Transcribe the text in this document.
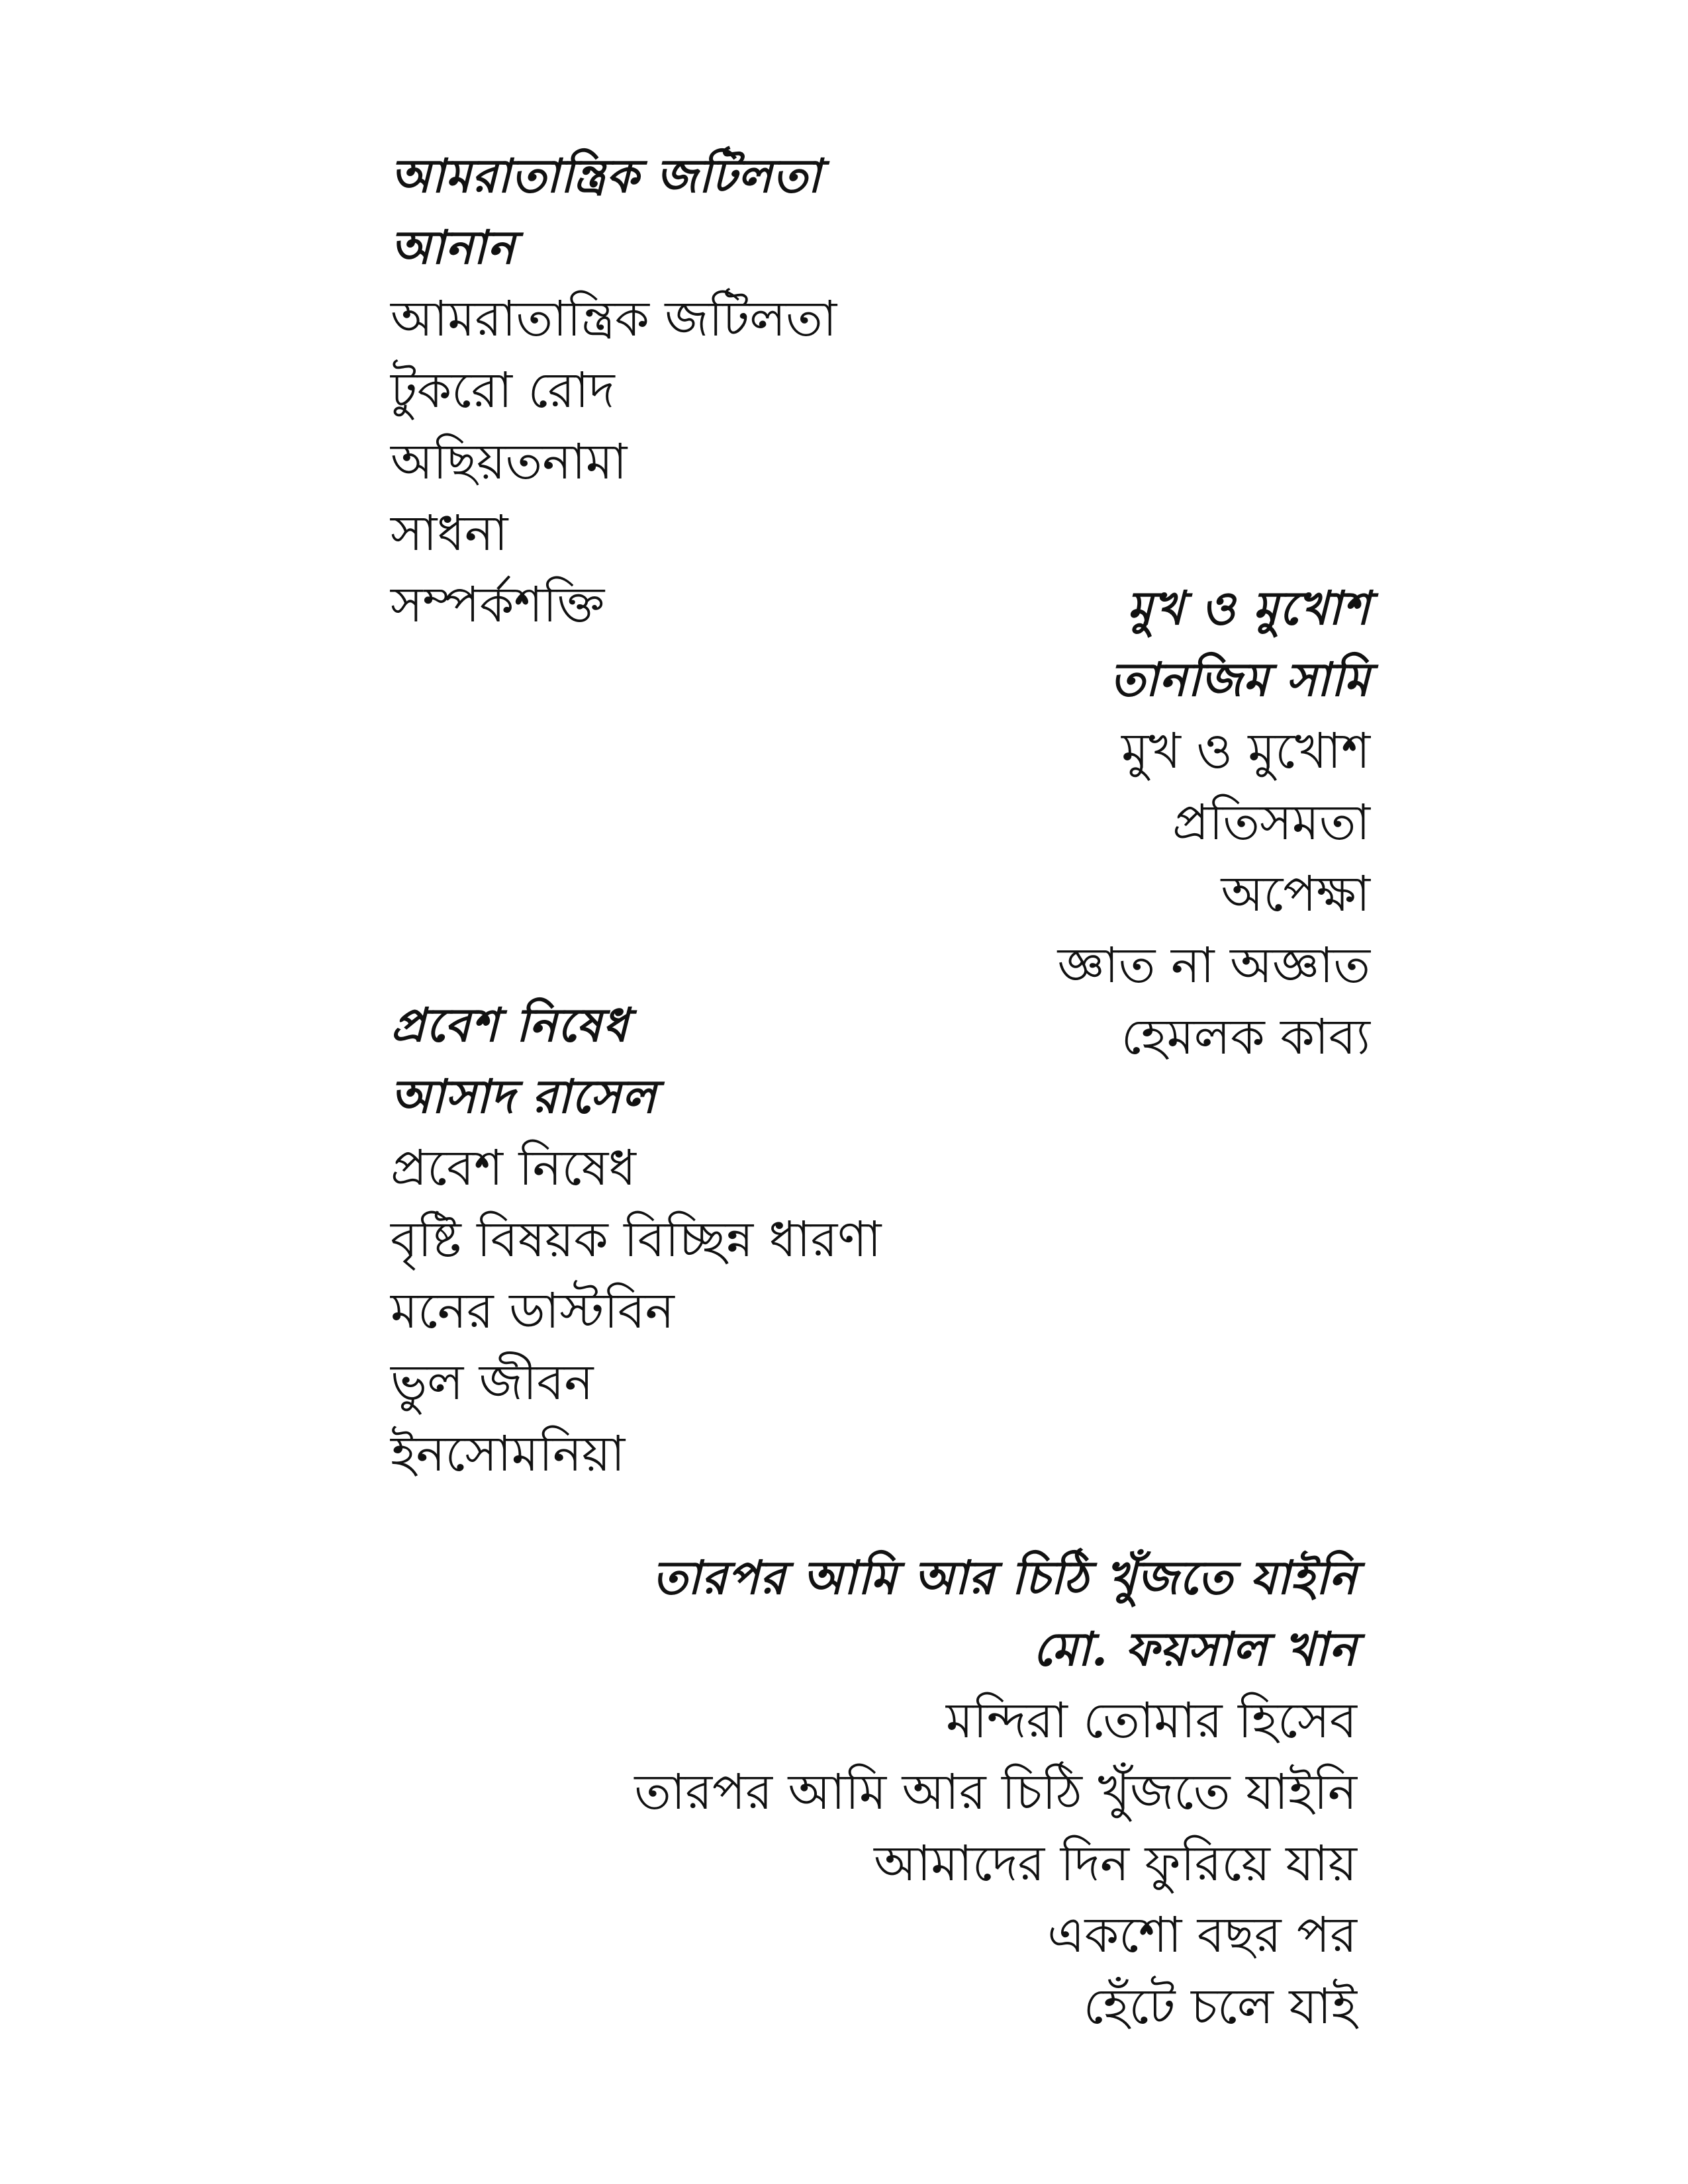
আমরাতান্ত্রিক জটিলতা
আনান
আমরাতান্ত্রিক জটিলতা
টুকরো রোদ
অছিয়তনামা
সাধনা
সম্পর্কশক্তি	মুখ ও মুখোশ
তানজিম সামি
মুখ ও মুখোশ
প্রতিসমতা
অপেক্ষা
জ্ঞাত না অজ্ঞাত
হেমলক কাব্য
প্রবেশ নিষেধ
আসাদ রাসেল
প্রবেশ নিষেধ
বৃষ্টি বিষয়ক বিচ্ছিন্ন ধারণা
মনের ডাস্টবিন
ভুল জীবন
ইনসোমনিয়া
তারপর আমি আর চিঠি খুঁজতে যাইনি
মো. ফয়সাল খান
মন্দিরা তোমার হিসেব
তারপর আমি আর চিঠি খুঁজতে যাইনি
আমাদের দিন ফুরিয়ে যায়
একশো বছর পর
হেঁটে চলে যাই
